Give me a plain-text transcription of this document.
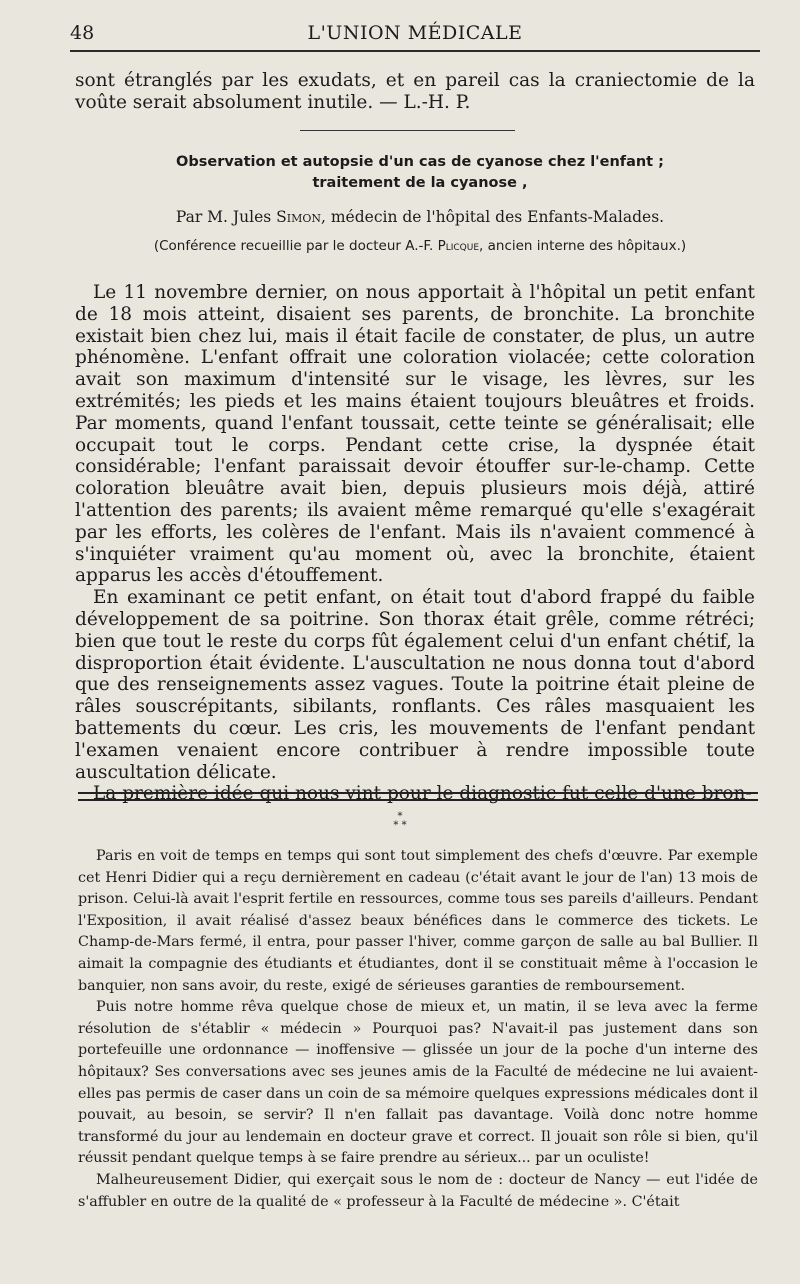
48	L'UNION MÉDICALE

sont étranglés par les exudats, et en pareil cas la craniectomie de la voûte serait absolument inutile. — L.-H. P.

Observation et autopsie d'un cas de cyanose chez l'enfant ;
traitement de la cyanose ,
Par M. Jules Simon, médecin de l'hôpital des Enfants-Malades.
(Conférence recueillie par le docteur A.-F. Plicque, ancien interne des hôpitaux.)

Le 11 novembre dernier, on nous apportait à l'hôpital un petit enfant de 18 mois atteint, disaient ses parents, de bronchite. La bronchite existait bien chez lui, mais il était facile de constater, de plus, un autre phénomène. L'enfant offrait une coloration violacée; cette coloration avait son maximum d'intensité sur le visage, les lèvres, sur les extrémités; les pieds et les mains étaient toujours bleuâtres et froids. Par moments, quand l'enfant toussait, cette teinte se généralisait; elle occupait tout le corps. Pendant cette crise, la dyspnée était considérable; l'enfant paraissait devoir étouffer sur-le-champ. Cette coloration bleuâtre avait bien, depuis plusieurs mois déjà, attiré l'attention des parents; ils avaient même remarqué qu'elle s'exagérait par les efforts, les colères de l'enfant. Mais ils n'avaient commencé à s'inquiéter vraiment qu'au moment où, avec la bronchite, étaient apparus les accès d'étouffement.

En examinant ce petit enfant, on était tout d'abord frappé du faible développement de sa poitrine. Son thorax était grêle, comme rétréci; bien que tout le reste du corps fût également celui d'un enfant chétif, la disproportion était évidente. L'auscultation ne nous donna tout d'abord que des renseignements assez vagues. Toute la poitrine était pleine de râles souscrépitants, sibilants, ronflants. Ces râles masquaient les battements du cœur. Les cris, les mouvements de l'enfant pendant l'examen venaient encore contribuer à rendre impossible toute auscultation délicate.

La première idée qui nous vint pour le diagnostic fut celle d'une bron-

*
* *

Paris en voit de temps en temps qui sont tout simplement des chefs d'œuvre. Par exemple cet Henri Didier qui a reçu dernièrement en cadeau (c'était avant le jour de l'an) 13 mois de prison. Celui-là avait l'esprit fertile en ressources, comme tous ses pareils d'ailleurs. Pendant l'Exposition, il avait réalisé d'assez beaux bénéfices dans le commerce des tickets. Le Champ-de-Mars fermé, il entra, pour passer l'hiver, comme garçon de salle au bal Bullier. Il aimait la compagnie des étudiants et étudiantes, dont il se constituait même à l'occasion le banquier, non sans avoir, du reste, exigé de sérieuses garanties de remboursement.

Puis notre homme rêva quelque chose de mieux et, un matin, il se leva avec la ferme résolution de s'établir « médecin » Pourquoi pas? N'avait-il pas justement dans son portefeuille une ordonnance — inoffensive — glissée un jour de la poche d'un interne des hôpitaux? Ses conversations avec ses jeunes amis de la Faculté de médecine ne lui avaient-elles pas permis de caser dans un coin de sa mémoire quelques expressions médicales dont il pouvait, au besoin, se servir? Il n'en fallait pas davantage. Voilà donc notre homme transformé du jour au lendemain en docteur grave et correct. Il jouait son rôle si bien, qu'il réussit pendant quelque temps à se faire prendre au sérieux... par un oculiste!

Malheureusement Didier, qui exerçait sous le nom de : docteur de Nancy — eut l'idée de s'affubler en outre de la qualité de « professeur à la Faculté de médecine ». C'était
